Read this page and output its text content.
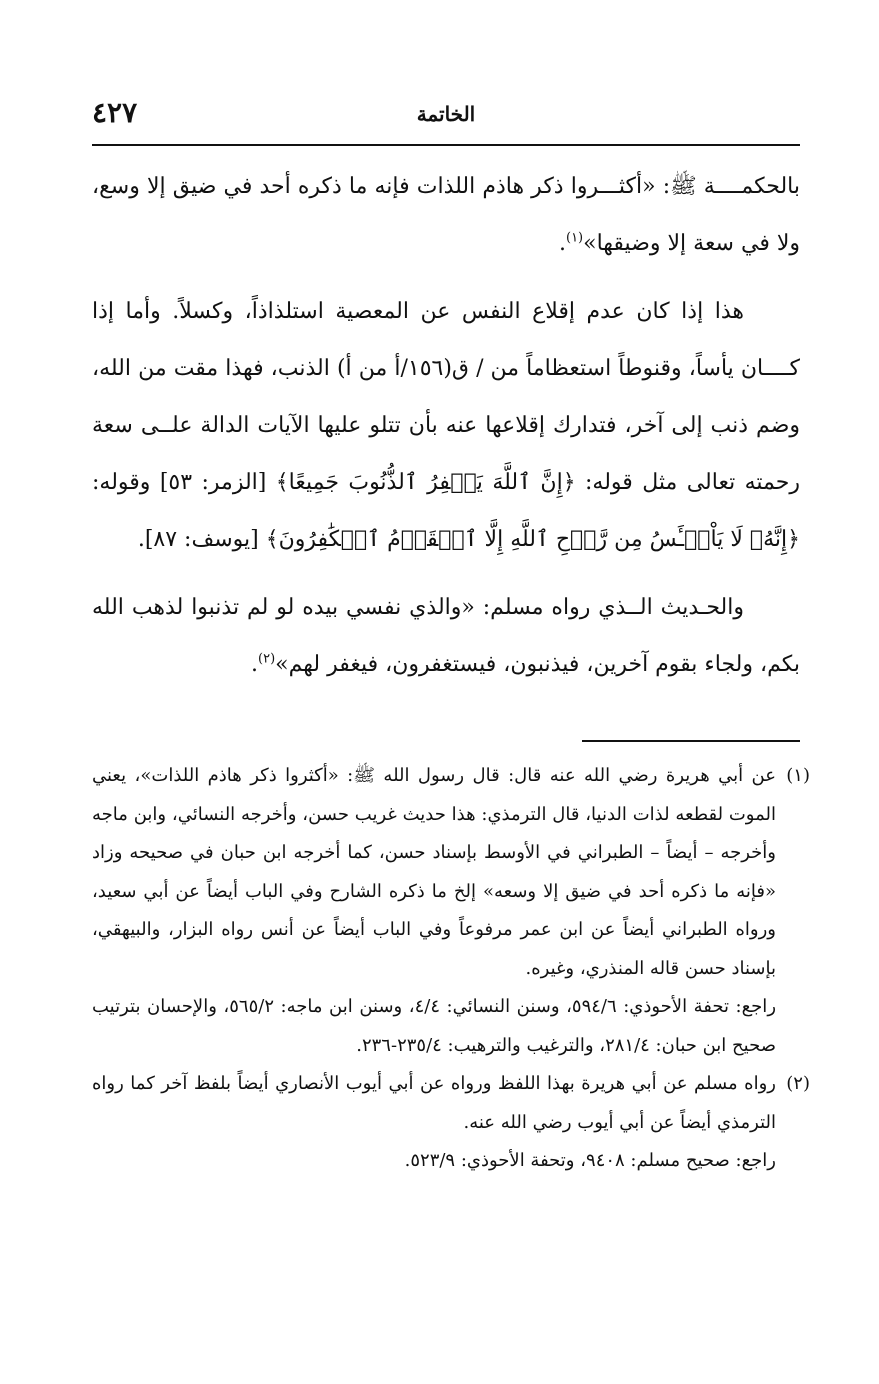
الخاتمة
٤٢٧

بالحكمــــة ﷺ: «أكثـــروا ذكر هاذم اللذات فإنه ما ذكره أحد في ضيق إلا وسع، ولا في سعة إلا وضيقها»$^{(١)}$.

هذا إذا كان عدم إقلاع النفس عن المعصية استلذاذاً، وكسلاً. وأما إذا كــــان يأساً، وقنوطاً استعظاماً من / ق(١٥٦/أ من أ) الذنب، فهذا مقت من الله، وضم ذنب إلى آخر، فتدارك إقلاعها عنه بأن تتلو عليها الآيات الدالة علــى سعة رحمته تعالى مثل قوله: ﴿إِنَّ ٱللَّهَ يَغۡفِرُ ٱلذُّنُوبَ جَمِيعًا﴾ [الزمر: ٥٣] وقوله: ﴿إِنَّهُۥ لَا يَاْيۡـَٔسُ مِن رَّوۡحِ ٱللَّهِ إِلَّا ٱلۡقَوۡمُ ٱلۡكَٰفِرُونَ﴾ [يوسف: ٨٧].

والحـديث الــذي رواه مسلم: «والذي نفسي بيده لو لم تذنبوا لذهب الله بكم، ولجاء بقوم آخرين، فيذنبون، فيستغفرون، فيغفر لهم»$^{(٢)}$.

(١)

عن أبي هريرة رضي الله عنه قال: قال رسول الله ﷺ: «أكثروا ذكر هاذم اللذات»، يعني الموت لقطعه لذات الدنيا، قال الترمذي: هذا حديث غريب حسن، وأخرجه النسائي، وابن ماجه وأخرجه – أيضاً – الطبراني في الأوسط بإسناد حسن، كما أخرجه ابن حبان في صحيحه وزاد «فإنه ما ذكره أحد في ضيق إلا وسعه» إلخ ما ذكره الشارح وفي الباب أيضاً عن أبي سعيد، ورواه الطبراني أيضاً عن ابن عمر مرفوعاً وفي الباب أيضاً عن أنس رواه البزار، والبيهقي، بإسناد حسن قاله المنذري، وغيره.

راجع: تحفة الأحوذي: ٥٩٤/٦، وسنن النسائي: ٤/٤، وسنن ابن ماجه: ٥٦٥/٢، والإحسان بترتيب صحيح ابن حبان: ٢٨١/٤، والترغيب والترهيب: ٢٣٥/٤-٢٣٦.

(٢)

رواه مسلم عن أبي هريرة بهذا اللفظ ورواه عن أبي أيوب الأنصاري أيضاً بلفظ آخر كما رواه الترمذي أيضاً عن أبي أيوب رضي الله عنه.

راجع: صحيح مسلم: ٩٤٠٨، وتحفة الأحوذي: ٥٢٣/٩.
